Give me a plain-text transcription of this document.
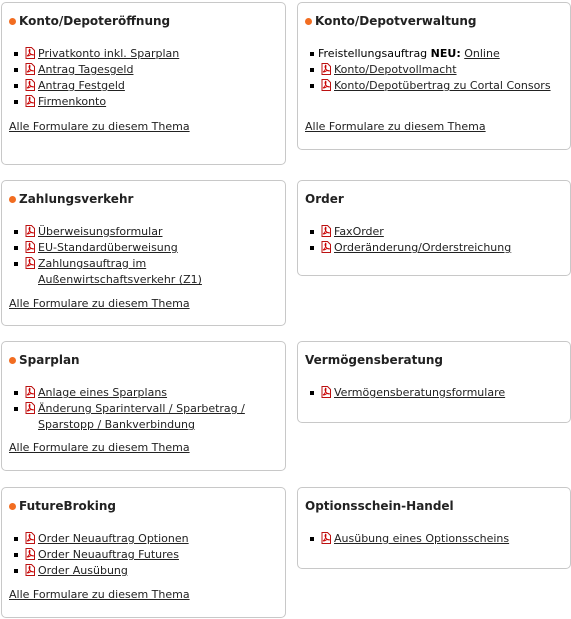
Konto/Depoteröffnung
Privatkonto inkl. Sparplan
Antrag Tagesgeld
Antrag Festgeld
Firmenkonto
Alle Formulare zu diesem Thema
Konto/Depotverwaltung
Freistellungsauftrag NEU: Online
Konto/Depotvollmacht
Konto/Depotübertrag zu Cortal Consors
Alle Formulare zu diesem Thema
Zahlungsverkehr
Überweisungsformular
EU-Standardüberweisung
Zahlungsauftrag im Außenwirtschaftsverkehr (Z1)
Alle Formulare zu diesem Thema
Order
FaxOrder
Orderänderung/Orderstreichung
Sparplan
Anlage eines Sparplans
Änderung Sparintervall / Sparbetrag / Sparstopp / Bankverbindung
Alle Formulare zu diesem Thema
Vermögensberatung
Vermögensberatungsformulare
FutureBroking
Order Neuauftrag Optionen
Order Neuauftrag Futures
Order Ausübung
Alle Formulare zu diesem Thema
Optionsschein-Handel
Ausübung eines Optionsscheins
